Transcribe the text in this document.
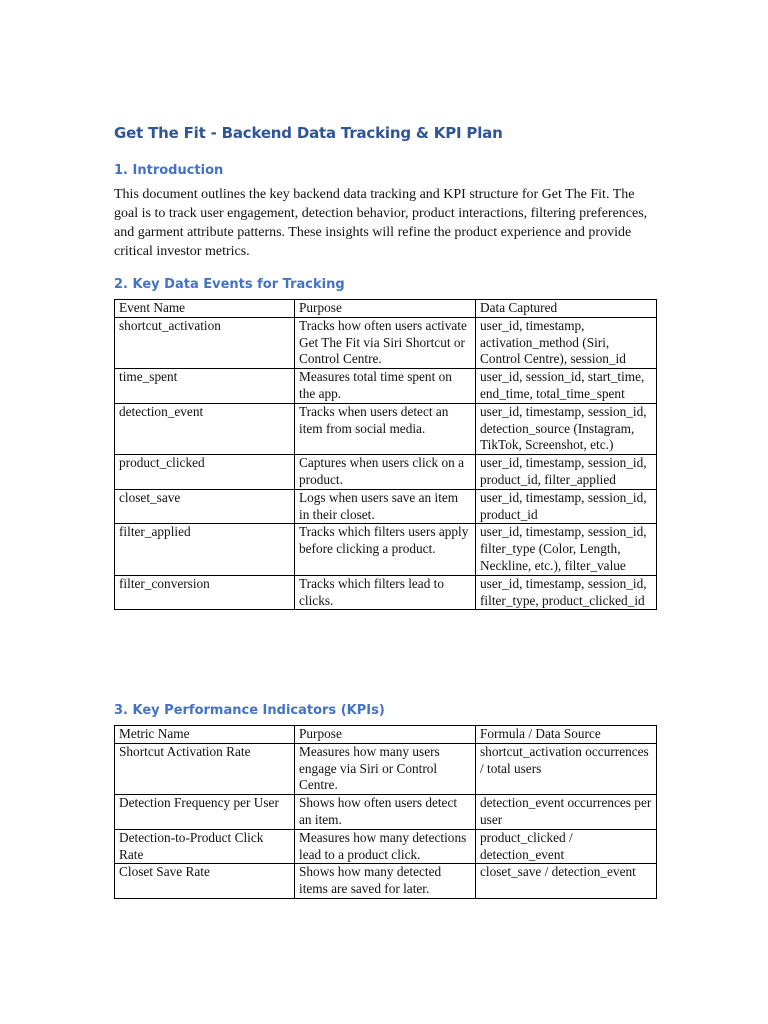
Get The Fit - Backend Data Tracking & KPI Plan
1. Introduction

This document outlines the key backend data tracking and KPI structure for Get The Fit. The goal is to track user engagement, detection behavior, product interactions, filtering preferences, and garment attribute patterns. These insights will refine the product experience and provide critical investor metrics.

2. Key Data Events for Tracking
Event Name	Purpose	Data Captured
shortcut_activation	Tracks how often users activate Get The Fit via Siri Shortcut or Control Centre.	user_id, timestamp, activation_method (Siri, Control Centre), session_id
time_spent	Measures total time spent on the app.	user_id, session_id, start_time, end_time, total_time_spent
detection_event	Tracks when users detect an item from social media.	user_id, timestamp, session_id, detection_source (Instagram, TikTok, Screenshot, etc.)
product_clicked	Captures when users click on a product.	user_id, timestamp, session_id, product_id, filter_applied
closet_save	Logs when users save an item in their closet.	user_id, timestamp, session_id, product_id
filter_applied	Tracks which filters users apply before clicking a product.	user_id, timestamp, session_id, filter_type (Color, Length, Neckline, etc.), filter_value
filter_conversion	Tracks which filters lead to clicks.	user_id, timestamp, session_id, filter_type, product_clicked_id
3. Key Performance Indicators (KPIs)
Metric Name	Purpose	Formula / Data Source
Shortcut Activation Rate	Measures how many users engage via Siri or Control Centre.	shortcut_activation occurrences / total users
Detection Frequency per User	Shows how often users detect an item.	detection_event occurrences per user
Detection-to-Product Click Rate	Measures how many detections lead to a product click.	product_clicked / detection_event
Closet Save Rate	Shows how many detected items are saved for later.	closet_save / detection_event
